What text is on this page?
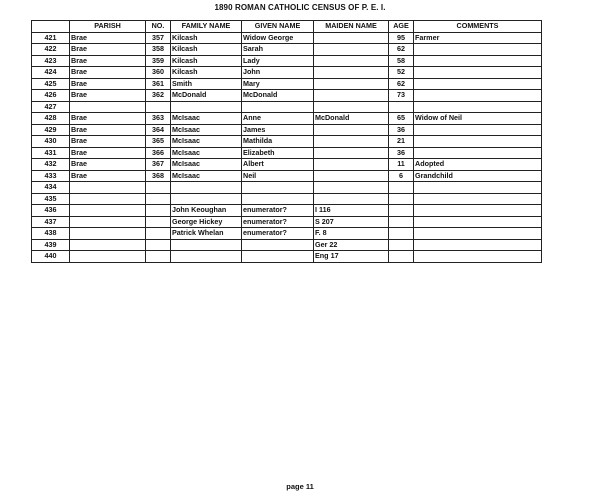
1890 ROMAN CATHOLIC CENSUS OF P. E. I.
	PARISH	NO.	FAMILY NAME	GIVEN NAME	MAIDEN NAME	AGE	COMMENTS
421	Brae	357	Kilcash	Widow George		95	Farmer
422	Brae	358	Kilcash	Sarah		62	
423	Brae	359	Kilcash	Lady		58	
424	Brae	360	Kilcash	John		52	
425	Brae	361	Smith	Mary		62	
426	Brae	362	McDonald	McDonald		73	
427							
428	Brae	363	McIsaac	Anne	McDonald	65	Widow of Neil
429	Brae	364	McIsaac	James		36	
430	Brae	365	McIsaac	Mathilda		21	
431	Brae	366	McIsaac	Elizabeth		36	
432	Brae	367	McIsaac	Albert		11	Adopted
433	Brae	368	McIsaac	Neil		6	Grandchild
434							
435							
436			John Keoughan	enumerator?	I 116		
437			George Hickey	enumerator?	S 207		
438			Patrick Whelan	enumerator?	F. 8		
439					Ger 22		
440					Eng 17		
page 11
